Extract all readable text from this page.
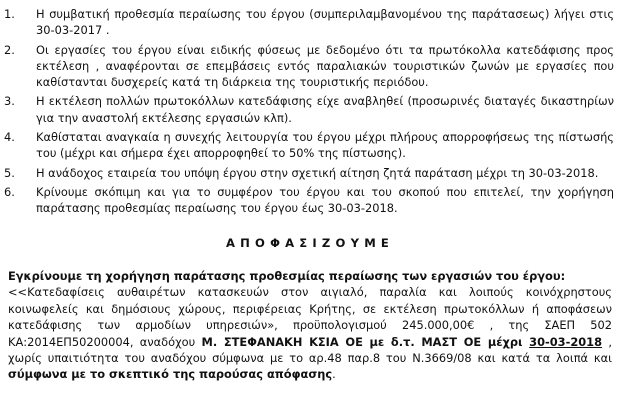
1. Η συμβατική προθεσμία περαίωσης του έργου (συμπεριλαμβανομένου της παράτασεως) λήγει στις 30-03-2017 .
2. Οι εργασίες του έργου είναι ειδικής φύσεως με δεδομένο ότι τα πρωτόκολλα κατεδάφισης προς εκτέλεση , αναφέρονται σε επεμβάσεις εντός παραλιακών τουριστικών ζωνών με εργασίες που καθίστανται δυσχερείς κατά τη διάρκεια της τουριστικής περιόδου.
3. Η εκτέλεση πολλών πρωτοκόλλων κατεδάφισης είχε αναβληθεί (προσωρινές διαταγές δικαστηρίων για την αναστολή εκτέλεσης εργασιών κλπ).
4. Καθίσταται αναγκαία η συνεχής λειτουργία του έργου μέχρι πλήρους απορροφήσεως της πίστωσής του (μέχρι και σήμερα έχει απορροφηθεί το 50% της πίστωσης).
5. Η ανάδοχος εταιρεία του υπόψη έργου στην σχετική αίτηση ζητά παράταση μέχρι τη 30-03-2018.
6. Κρίνουμε σκόπιμη και για το συμφέρον του έργου και του σκοπού που επιτελεί, την χορήγηση παράτασης προθεσμίας περαίωσης του έργου έως 30-03-2018.
ΑΠΟΦΑΣΙΖΟΥΜΕ
Εγκρίνουμε τη χορήγηση παράτασης προθεσμίας περαίωσης των εργασιών του έργου:
<<Κατεδαφίσεις αυθαιρέτων κατασκευών στον αιγιαλό, παραλία και λοιπούς κοινόχρηστους κοινωφελείς και δημόσιους χώρους, περιφέρειας Κρήτης, σε εκτέλεση πρωτοκόλλων ή αποφάσεων κατεδάφισης των αρμοδίων υπηρεσιών», προϋπολογισμού 245.000,00€ , της ΣΑΕΠ 502 ΚΑ:2014ΕΠ50200004, αναδόχου Μ. ΣΤΕΦΑΝΑΚΗ ΚΣΙΑ ΟΕ με δ.τ. ΜΑΣΤ ΟΕ μέχρι 30-03-2018 , χωρίς υπαιτιότητα του αναδόχου σύμφωνα με το αρ.48 παρ.8 του Ν.3669/08 και κατά τα λοιπά και σύμφωνα με το σκεπτικό της παρούσας απόφασης.
